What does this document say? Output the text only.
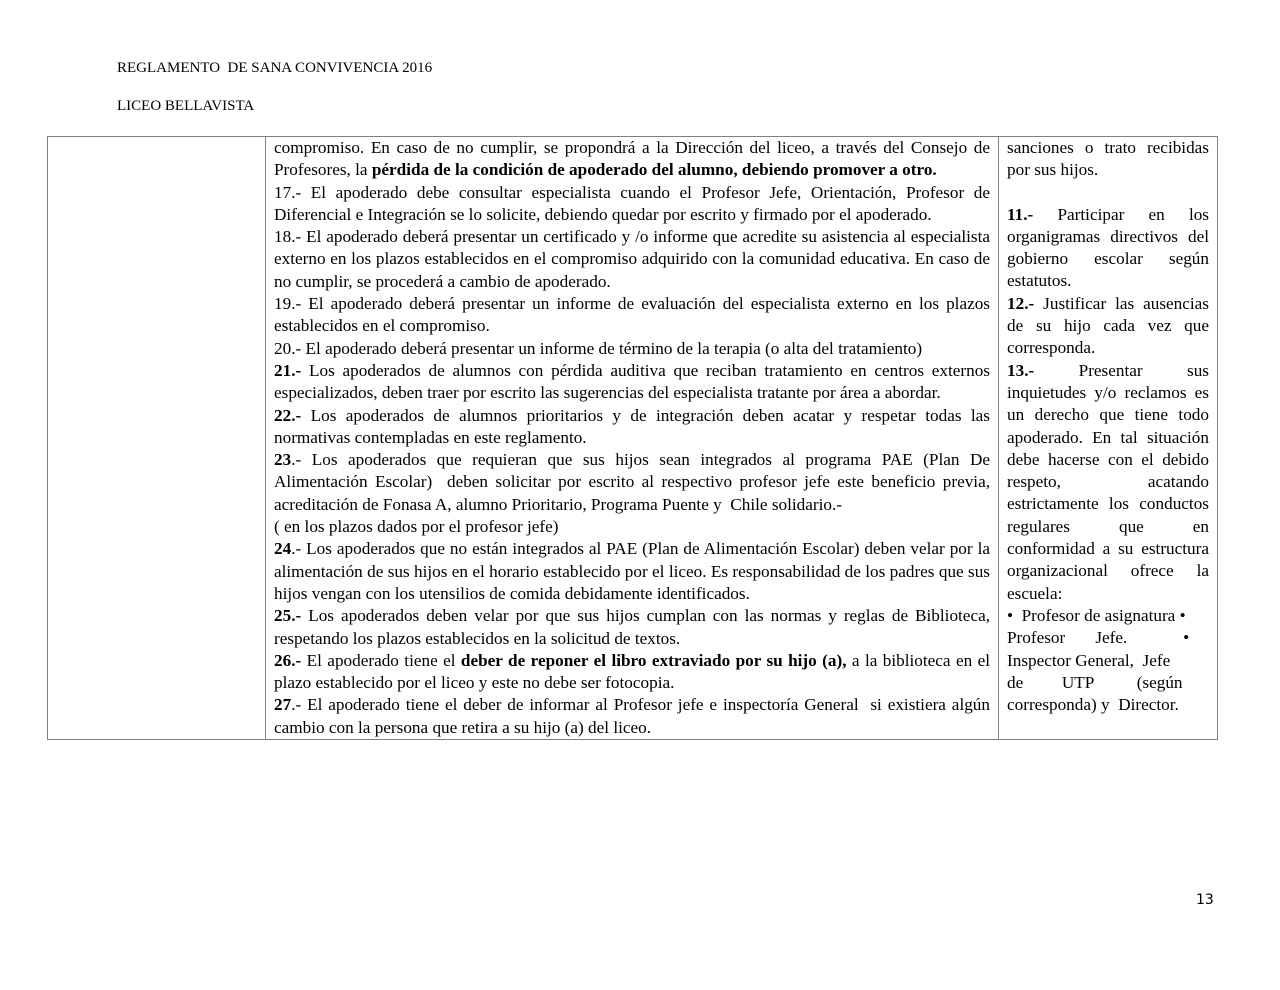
REGLAMENTO  DE SANA CONVIVENCIA 2016
LICEO BELLAVISTA

compromiso. En caso de no cumplir, se propondrá a la Dirección del liceo, a través del Consejo de Profesores, la pérdida de la condición de apoderado del alumno, debiendo promover a otro.

17.- El apoderado debe consultar especialista cuando el Profesor Jefe, Orientación, Profesor de Diferencial e Integración se lo solicite, debiendo quedar por escrito y firmado por el apoderado.

18.- El apoderado deberá presentar un certificado y /o informe que acredite su asistencia al especialista externo en los plazos establecidos en el compromiso adquirido con la comunidad educativa. En caso de no cumplir, se procederá a cambio de apoderado.

19.- El apoderado deberá presentar un informe de evaluación del especialista externo en los plazos establecidos en el compromiso.

20.- El apoderado deberá presentar un informe de término de la terapia (o alta del tratamiento)

21.- Los apoderados de alumnos con pérdida auditiva que reciban tratamiento en centros externos especializados, deben traer por escrito las sugerencias del especialista tratante por área a abordar.

22.- Los apoderados de alumnos prioritarios y de integración deben acatar y respetar todas las normativas contempladas en este reglamento.

23.- Los apoderados que requieran que sus hijos sean integrados al programa PAE (Plan De Alimentación Escolar)  deben solicitar por escrito al respectivo profesor jefe este beneficio previa, acreditación de Fonasa A, alumno Prioritario, Programa Puente y  Chile solidario.-

( en los plazos dados por el profesor jefe)

24.- Los apoderados que no están integrados al PAE (Plan de Alimentación Escolar) deben velar por la alimentación de sus hijos en el horario establecido por el liceo. Es responsabilidad de los padres que sus hijos vengan con los utensilios de comida debidamente identificados.

25.- Los apoderados deben velar por que sus hijos cumplan con las normas y reglas de Biblioteca,  respetando los plazos establecidos en la solicitud de textos.

26.- El apoderado tiene el deber de reponer el libro extraviado por su hijo (a), a la biblioteca en el plazo establecido por el liceo y este no debe ser fotocopia.

27.- El apoderado tiene el deber de informar al Profesor jefe e inspectoría General  si existiera algún cambio con la persona que retira a su hijo (a) del liceo.

sanciones o trato recibidas por sus hijos.

11.- Participar en los organigramas directivos del gobierno escolar según estatutos.

12.- Justificar las ausencias de su hijo cada vez que corresponda.

13.- Presentar sus inquietudes y/o reclamos es un derecho que tiene todo apoderado. En tal situación debe hacerse con el debido respeto, acatando estrictamente los conductos regulares que en conformidad a su estructura organizacional ofrece la escuela:

•  Profesor de asignatura •
Profesor       Jefe.             •
Inspector General,  Jefe
de         UTP          (según
corresponda) y  Director.

13
